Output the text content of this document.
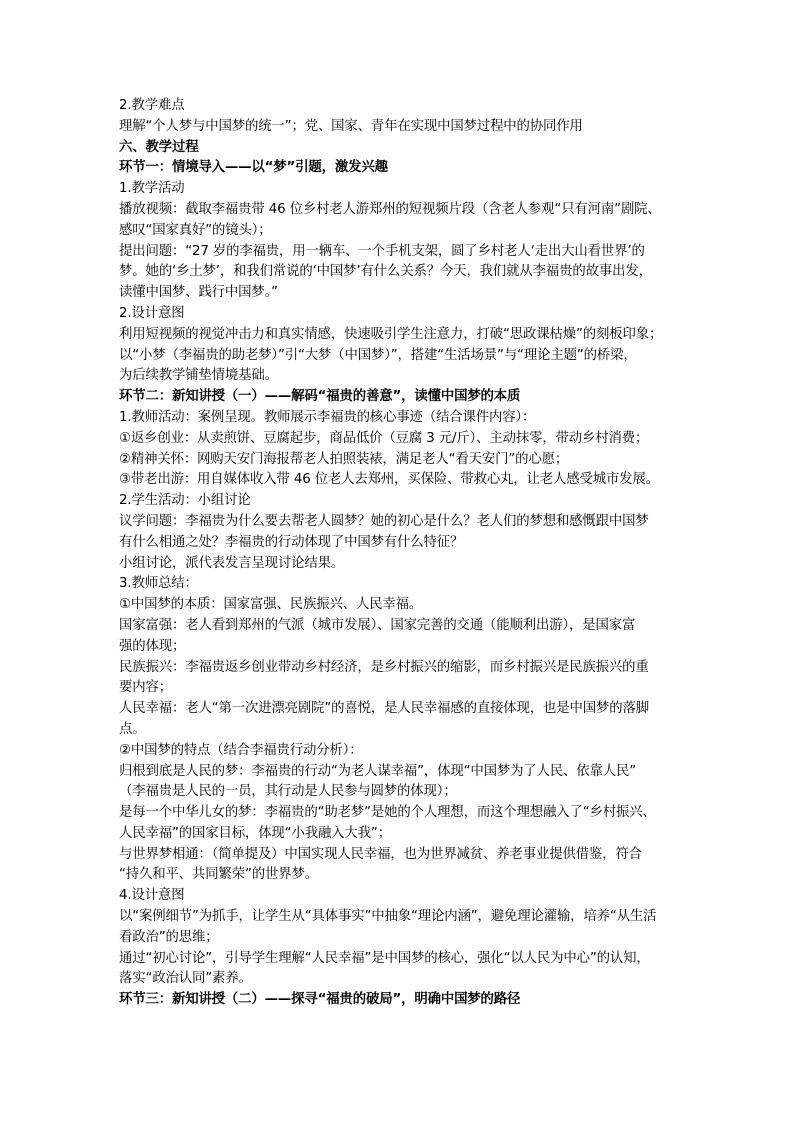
2.教学难点
理解“个人梦与中国梦的统一”；党、国家、青年在实现中国梦过程中的协同作用
六、教学过程
环节一：情境导入——以“梦”引题，激发兴趣
1.教学活动
播放视频：截取李福贵带 46 位乡村老人游郑州的短视频片段（含老人参观“只有河南”剧院、
感叹“国家真好”的镜头）；
提出问题：“27 岁的李福贵，用一辆车、一个手机支架，圆了乡村老人‘走出大山看世界’的
梦。她的‘乡土梦’，和我们常说的‘中国梦’有什么关系？今天，我们就从李福贵的故事出发，
读懂中国梦、践行中国梦。”
2.设计意图
利用短视频的视觉冲击力和真实情感，快速吸引学生注意力，打破“思政课枯燥”的刻板印象；
以“小梦（李福贵的助老梦）”引“大梦（中国梦）”，搭建“生活场景”与“理论主题”的桥梁，
为后续教学铺垫情境基础。
环节二：新知讲授（一）——解码“福贵的善意”，读懂中国梦的本质
1.教师活动：案例呈现。教师展示李福贵的核心事迹（结合课件内容）：
①返乡创业：从卖煎饼、豆腐起步，商品低价（豆腐 3 元/斤）、主动抹零，带动乡村消费；
②精神关怀：网购天安门海报帮老人拍照装裱，满足老人“看天安门”的心愿；
③带老出游：用自媒体收入带 46 位老人去郑州，买保险、带救心丸，让老人感受城市发展。
2.学生活动：小组讨论
议学问题：李福贵为什么要去帮老人圆梦？她的初心是什么？老人们的梦想和感慨跟中国梦
有什么相通之处？李福贵的行动体现了中国梦有什么特征？
小组讨论，派代表发言呈现讨论结果。
3.教师总结：
①中国梦的本质：国家富强、民族振兴、人民幸福。
国家富强：老人看到郑州的气派（城市发展）、国家完善的交通（能顺利出游），是国家富
强的体现；
民族振兴：李福贵返乡创业带动乡村经济，是乡村振兴的缩影，而乡村振兴是民族振兴的重
要内容；
人民幸福：老人“第一次进漂亮剧院”的喜悦，是人民幸福感的直接体现，也是中国梦的落脚
点。
②中国梦的特点（结合李福贵行动分析）：
归根到底是人民的梦：李福贵的行动“为老人谋幸福”，体现“中国梦为了人民、依靠人民”
（李福贵是人民的一员，其行动是人民参与圆梦的体现）；
是每一个中华儿女的梦：李福贵的“助老梦”是她的个人理想，而这个理想融入了“乡村振兴、
人民幸福”的国家目标，体现“小我融入大我”；
与世界梦相通：（简单提及）中国实现人民幸福，也为世界减贫、养老事业提供借鉴，符合
“持久和平、共同繁荣”的世界梦。
4.设计意图
以“案例细节”为抓手，让学生从“具体事实”中抽象“理论内涵”，避免理论灌输，培养“从生活
看政治”的思维；
通过“初心讨论”，引导学生理解“人民幸福”是中国梦的核心，强化“以人民为中心”的认知，
落实“政治认同”素养。
环节三：新知讲授（二）——探寻“福贵的破局”，明确中国梦的路径
